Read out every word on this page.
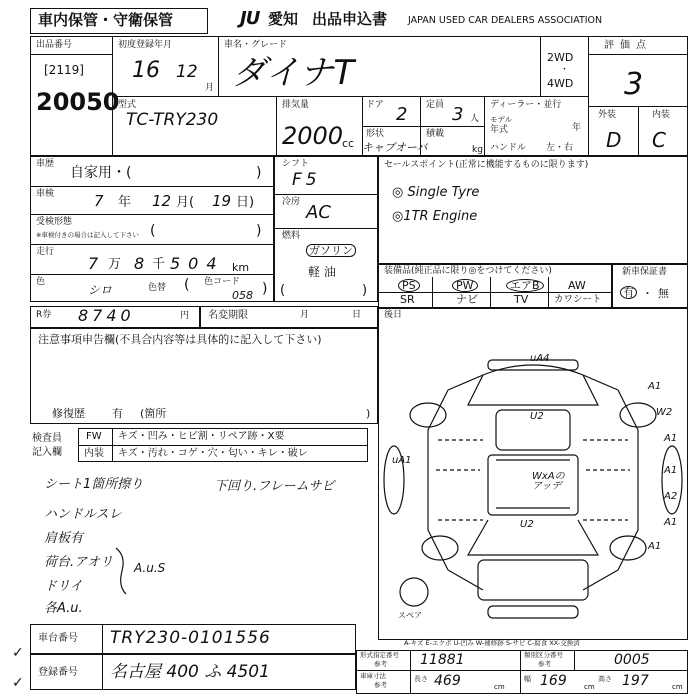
車内保管・守衛保管	JU 愛知 出品申込書 JAPAN USED CAR DEALERS ASSOCIATION
出品番号
[2119]
20050
初度登録年月
16 12
月
車名・グレード
ダイナT	2WD
・
4WD
評価点
3
外装	内装
D C
型式
TC-TRY230
排気量
2000
cc
ドア 2 定員 3 人
形状
キャブオーバ
積載
kg
ディーラー・並行
モデル
年式	年
ハンドル 左・右
車歴
自家用・(	)
車検	7 年 12 月( 19 日)
受検形態
※車検付きの場合は記入して下さい (	)
走行
7 万 8 千 504 km
色
シロ	色替 ( 色コード
058 )
シフト
F5
冷房 AC
燃料
ガソリン
軽 油
(	)
セールスポイント(正常に機能するものに限ります)
◎ Single Tyre
◎1TR Engine
装備品(純正品に限り◎をつけてください)
PS	PW	エアB	AW
SR	ナビ	TV	カワシート
新車保証書
有 ・ 無
R券 8740	円 名変期限	月	日	後日
注意事項申告欄(不具合内容等は具体的に記入して下さい)
修復歴 有 (箇所	)
検査員
記入欄
FW キズ・凹み・ヒビ割・リペア跡・X要
内装 キズ・汚れ・コゲ・穴・匂い・キレ・破レ
シート1箇所擦り
ハンドルスレ
肩板有
荷台.アオリ
ドリイ
各A.u.
下回り.フレームサビ
A.u.S
uA4
A1
A1
uA1
A2
A1
U2
U2
W2
A1
A1
WxAの
アッデ
スペア
A-キズ E-エクボ U-凹み W-補修跡 S-サビ C-腐食 XX-交換済
車台番号 TRY230-0101556
登録番号 名古屋 400 ふ 4501
✓
✓
形式指定番号
参考 11881	類別区分番号
参考	0005
車庫寸法
参考
長さ 469	cm
幅 169 cm
高さ 197	cm
